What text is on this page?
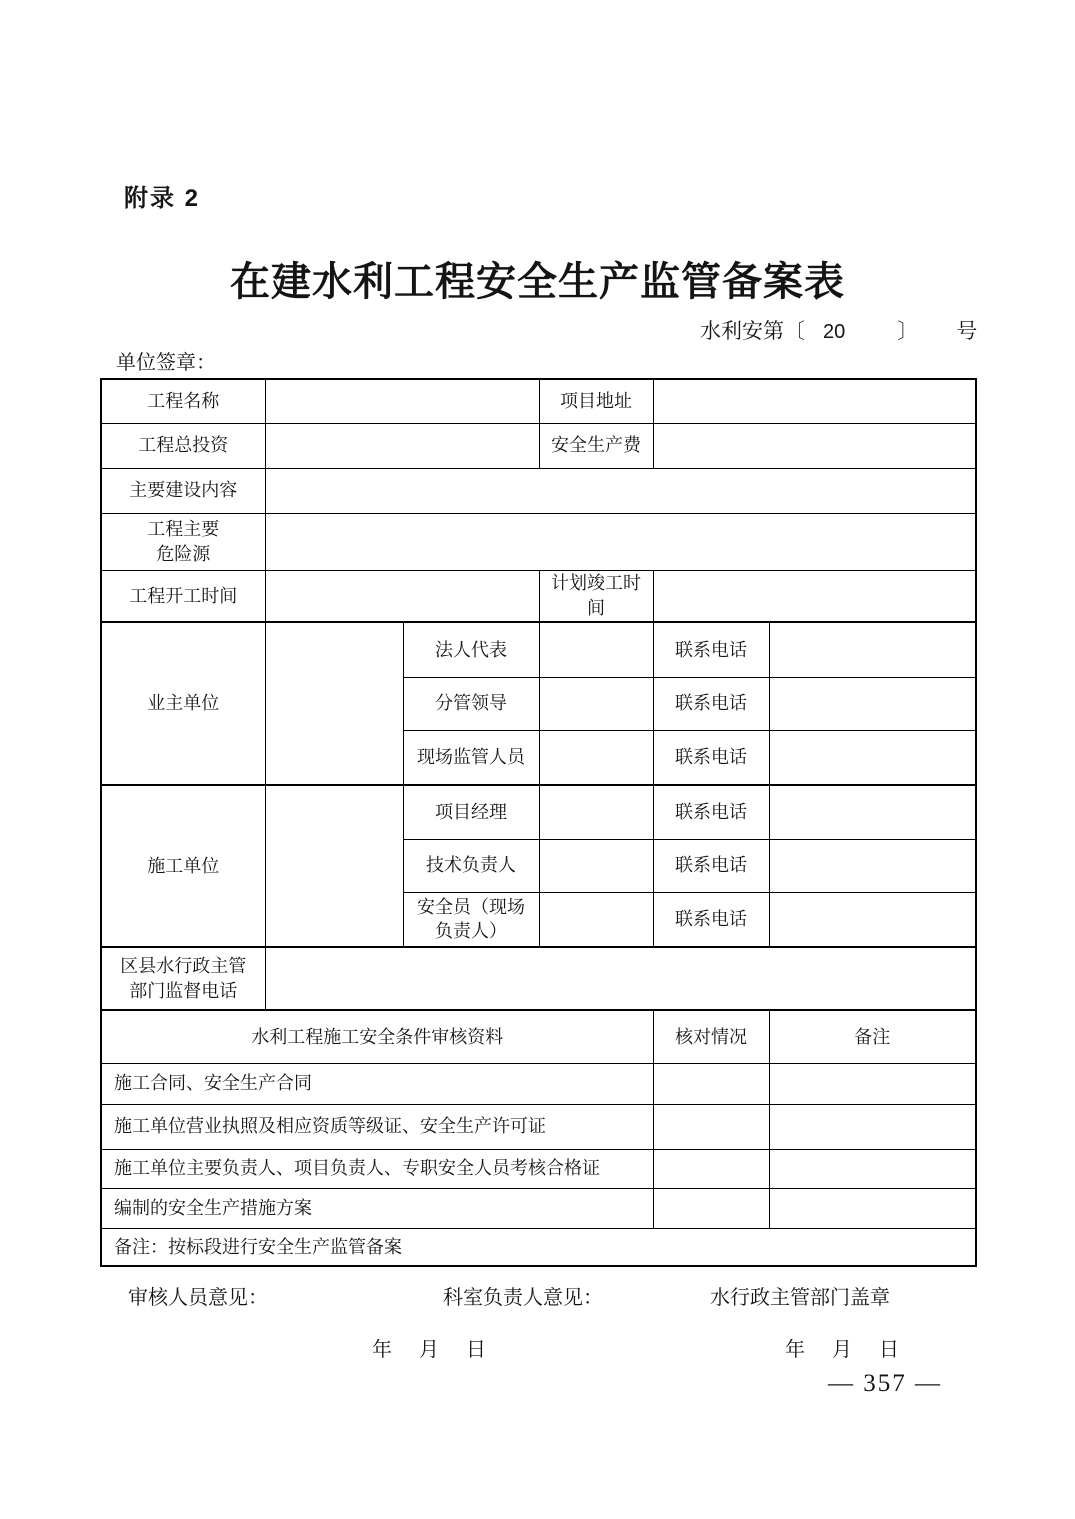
附录 2
在建水利工程安全生产监管备案表
水利安第〔 20 〕 号
单位签章：
工程名称			项目地址		
工程总投资			安全生产费		
主要建设内容					

工程主要
危险源					

工程开工时间			计划竣工时间		
业主单位		法人代表		联系电话	
		分管领导		联系电话	
		现场监管人员		联系电话	
施工单位		项目经理		联系电话	
		技术负责人		联系电话	
		安全员（现场负责人）		联系电话	

区县水行政主管
部门监督电话					

水利工程施工安全条件审核资料				核对情况	备注
施工合同、安全生产合同					
施工单位营业执照及相应资质等级证、安全生产许可证					
施工单位主要负责人、项目负责人、专职安全人员考核合格证					
编制的安全生产措施方案					
备注：按标段进行安全生产监管备案					
审核人员意见：	科室负责人意见：	水行政主管部门盖章
年 月 日	年 月 日
— 357 —
